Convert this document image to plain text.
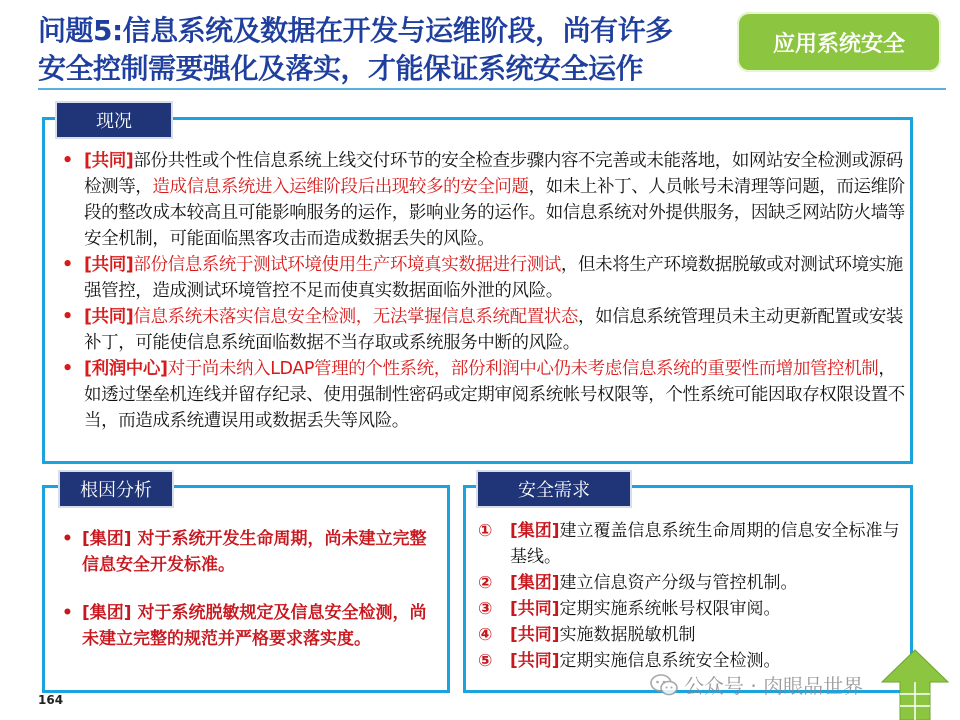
问题5:信息系统及数据在开发与运维阶段，尚有许多
安全控制需要强化及落实，才能保证系统安全运作
应用系统安全
现况
• [共同]部份共性或个性信息系统上线交付环节的安全检查步骤内容不完善或未能落地，如网站安全检测或源码检测等，造成信息系统进入运维阶段后出现较多的安全问题，如未上补丁、人员帐号未清理等问题，而运维阶段的整改成本较高且可能影响服务的运作，影响业务的运作。如信息系统对外提供服务，因缺乏网站防火墙等安全机制，可能面临黑客攻击而造成数据丢失的风险。
• [共同]部份信息系统于测试环境使用生产环境真实数据进行测试，但未将生产环境数据脱敏或对测试环境实施强管控，造成测试环境管控不足而使真实数据面临外泄的风险。
• [共同]信息系统未落实信息安全检测，无法掌握信息系统配置状态，如信息系统管理员未主动更新配置或安装补丁，可能使信息系统面临数据不当存取或系统服务中断的风险。
• [利润中心]对于尚未纳入LDAP管理的个性系统，部份利润中心仍未考虑信息系统的重要性而增加管控机制，如透过堡垒机连线并留存纪录、使用强制性密码或定期审阅系统帐号权限等，个性系统可能因取存权限设置不当，而造成系统遭误用或数据丢失等风险。
根因分析
• [集团] 对于系统开发生命周期，尚未建立完整信息安全开发标准。
• [集团] 对于系统脱敏规定及信息安全检测，尚未建立完整的规范并严格要求落实度。
安全需求
① [集团]建立覆盖信息系统生命周期的信息安全标准与基线。
② [集团]建立信息资产分级与管控机制。
③ [共同]定期实施系统帐号权限审阅。
④ [共同]实施数据脱敏机制
⑤ [共同]定期实施信息系统安全检测。
164
公众号 · 肉眼品世界
